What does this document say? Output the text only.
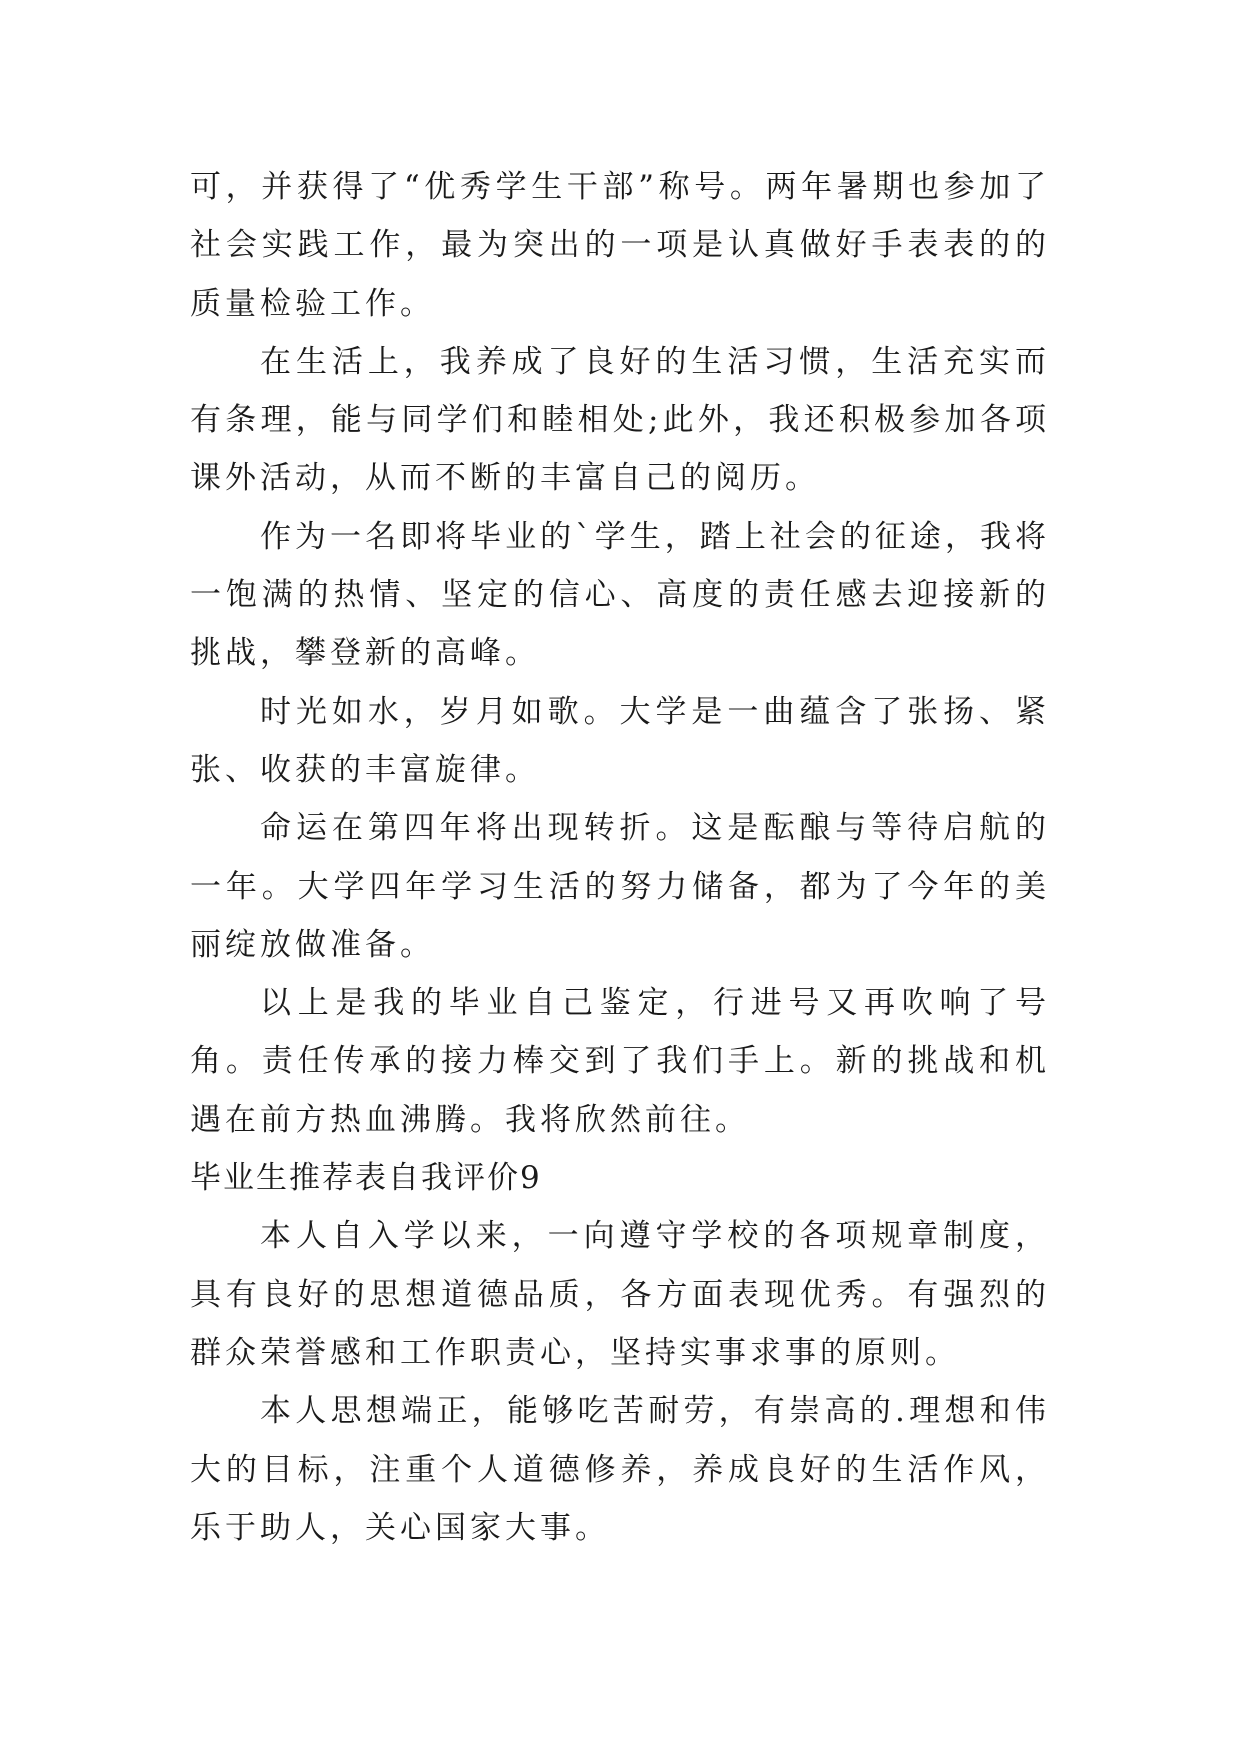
可，并获得了“优秀学生干部”称号。两年暑期也参加了社会实践工作，最为突出的一项是认真做好手表表的的质量检验工作。

在生活上，我养成了良好的生活习惯，生活充实而有条理，能与同学们和睦相处;此外，我还积极参加各项课外活动，从而不断的丰富自己的阅历。

作为一名即将毕业的`学生，踏上社会的征途，我将一饱满的热情、坚定的信心、高度的责任感去迎接新的挑战，攀登新的高峰。

时光如水，岁月如歌。大学是一曲蕴含了张扬、紧张、收获的丰富旋律。

命运在第四年将出现转折。这是酝酿与等待启航的一年。大学四年学习生活的努力储备，都为了今年的美丽绽放做准备。

以上是我的毕业自己鉴定，行进号又再吹响了号角。责任传承的接力棒交到了我们手上。新的挑战和机遇在前方热血沸腾。我将欣然前往。

毕业生推荐表自我评价9

本人自入学以来，一向遵守学校的各项规章制度，具有良好的思想道德品质，各方面表现优秀。有强烈的群众荣誉感和工作职责心，坚持实事求事的原则。

本人思想端正，能够吃苦耐劳，有崇高的.理想和伟大的目标，注重个人道德修养，养成良好的生活作风，乐于助人，关心国家大事。
